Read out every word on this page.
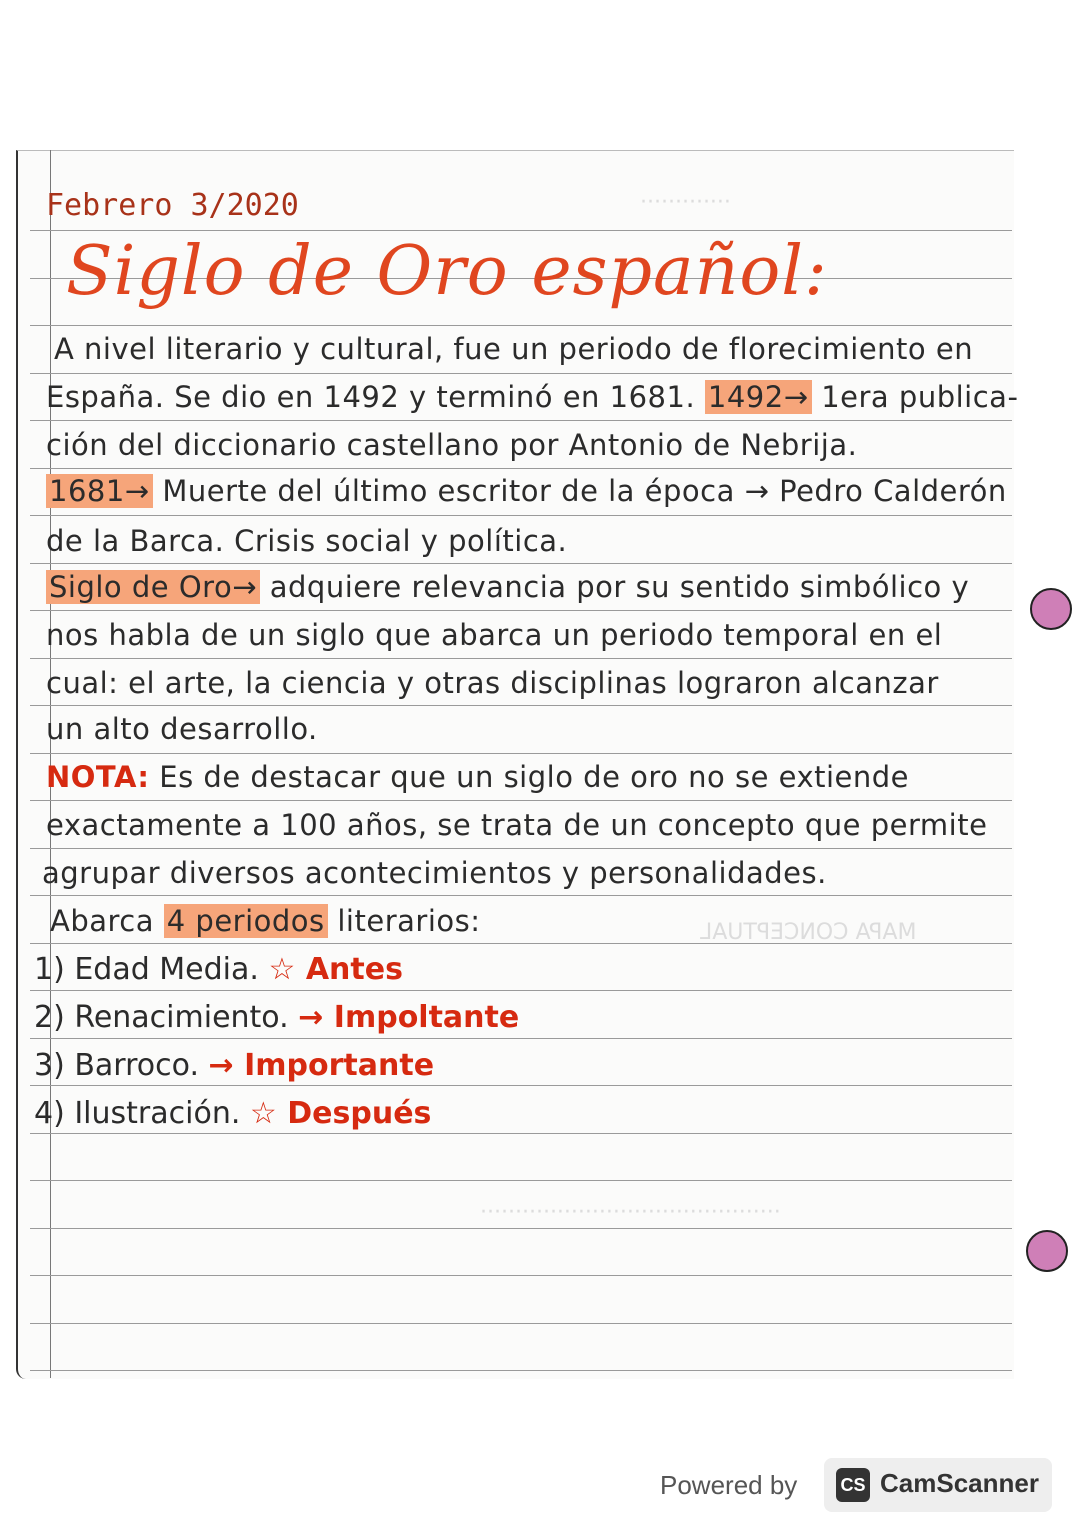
·············
MAPA CONCEPTUAL
···········································
Febrero 3/2020
Siglo de Oro español:
A nivel literario y cultural, fue un periodo de florecimiento en
España. Se dio en 1492 y terminó en 1681. 1492→ 1era publica-
ción del diccionario castellano por Antonio de Nebrija.
1681→ Muerte del último escritor de la época → Pedro Calderón
de la Barca. Crisis social y política.
Siglo de Oro→ adquiere relevancia por su sentido simbólico y
nos habla de un siglo que abarca un periodo temporal en el
cual: el arte, la ciencia y otras disciplinas lograron alcanzar
un alto desarrollo.
NOTA: Es de destacar que un siglo de oro no se extiende
exactamente a 100 años, se trata de un concepto que permite
agrupar diversos acontecimientos y personalidades.
Abarca 4 periodos literarios:
1) Edad Media. ☆ Antes
2) Renacimiento. → Impoltante
3) Barroco. → Importante
4) Ilustración. ☆ Después
Powered by CS CamScanner
